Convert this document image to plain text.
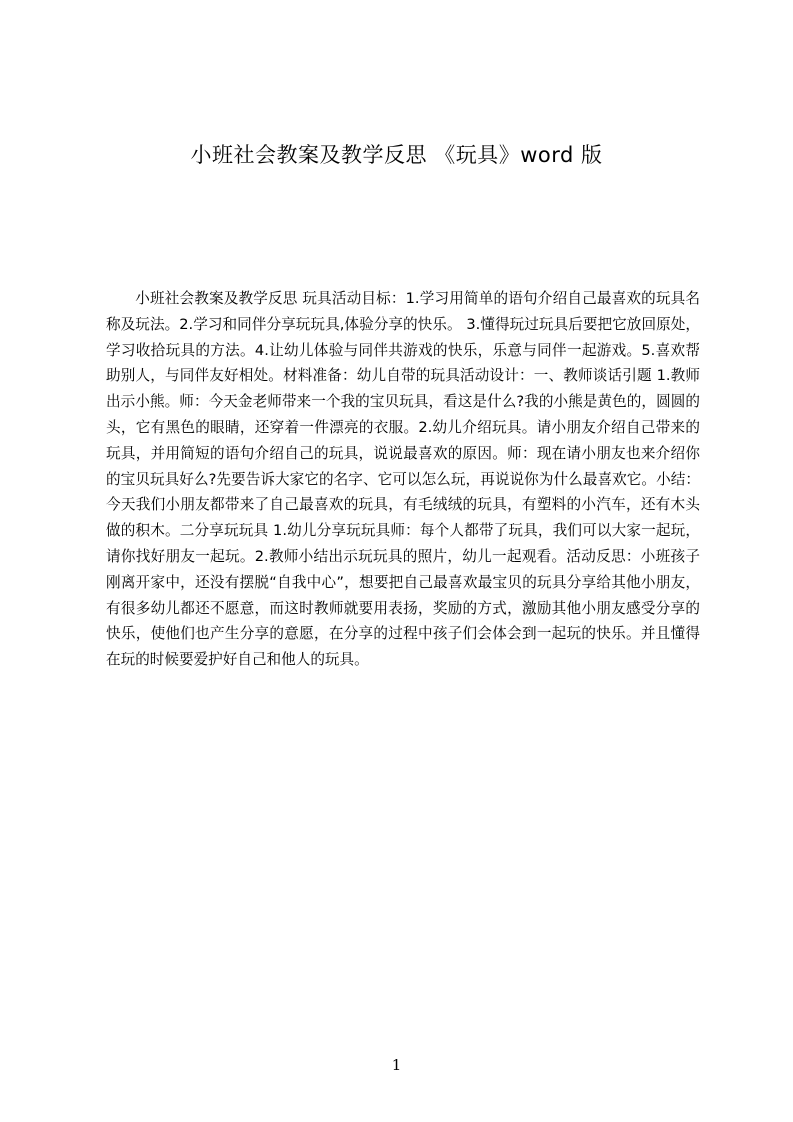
小班社会教案及教学反思 《玩具》word 版
小班社会教案及教学反思 玩具活动目标：1.学习用简单的语句介绍自己最喜欢的玩具名称及玩法。2.学习和同伴分享玩玩具,体验分享的快乐。 3.懂得玩过玩具后要把它放回原处，学习收拾玩具的方法。4.让幼儿体验与同伴共游戏的快乐，乐意与同伴一起游戏。5.喜欢帮助别人，与同伴友好相处。材料准备：幼儿自带的玩具活动设计：一、教师谈话引题 1.教师出示小熊。师：今天金老师带来一个我的宝贝玩具，看这是什么?我的小熊是黄色的，圆圆的头，它有黑色的眼睛，还穿着一件漂亮的衣服。2.幼儿介绍玩具。请小朋友介绍自己带来的玩具，并用简短的语句介绍自己的玩具，说说最喜欢的原因。师：现在请小朋友也来介绍你的宝贝玩具好么?先要告诉大家它的名字、它可以怎么玩，再说说你为什么最喜欢它。小结：今天我们小朋友都带来了自己最喜欢的玩具，有毛绒绒的玩具，有塑料的小汽车，还有木头做的积木。二分享玩玩具 1.幼儿分享玩玩具师：每个人都带了玩具，我们可以大家一起玩，请你找好朋友一起玩。2.教师小结出示玩玩具的照片，幼儿一起观看。活动反思：小班孩子刚离开家中，还没有摆脱“自我中心”，想要把自己最喜欢最宝贝的玩具分享给其他小朋友，有很多幼儿都还不愿意，而这时教师就要用表扬，奖励的方式，激励其他小朋友感受分享的快乐，使他们也产生分享的意愿，在分享的过程中孩子们会体会到一起玩的快乐。并且懂得在玩的时候要爱护好自己和他人的玩具。
1
